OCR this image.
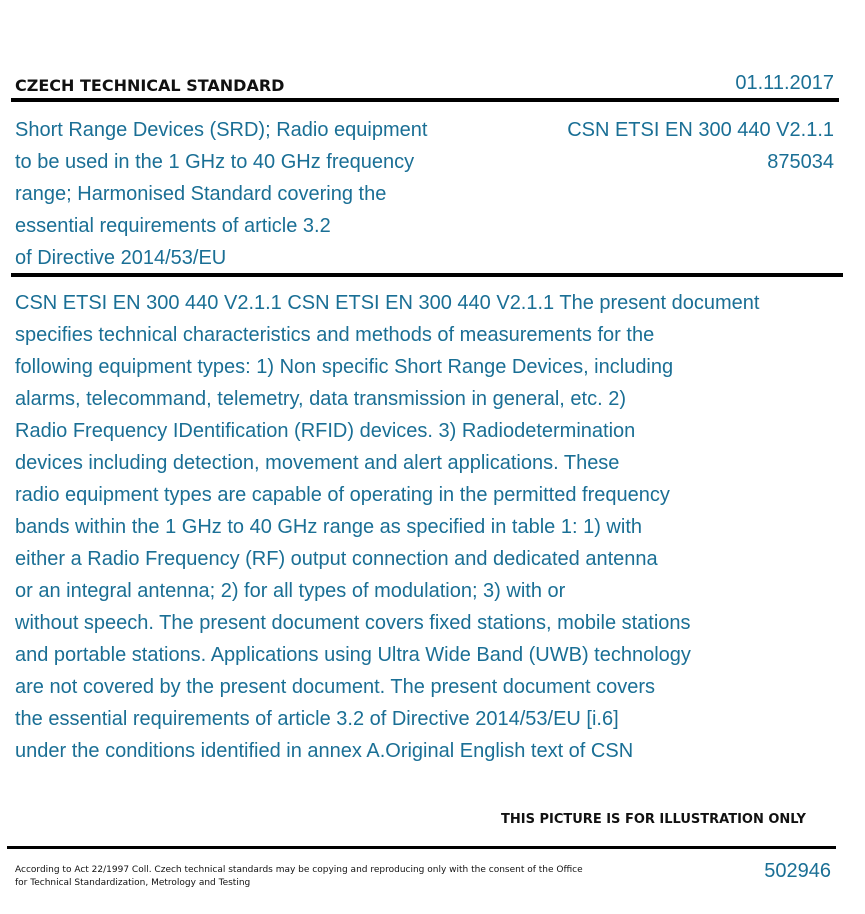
CZECH TECHNICAL STANDARD	01.11.2017
Short Range Devices (SRD); Radio equipment
to be used in the 1 GHz to 40 GHz frequency
range; Harmonised Standard covering the
essential requirements of article 3.2
of Directive 2014/53/EU
CSN ETSI EN 300 440 V2.1.1
875034

CSN ETSI EN 300 440 V2.1.1 CSN ETSI EN 300 440 V2.1.1 The present document
specifies technical characteristics and methods of measurements for the
following equipment types: 1) Non specific Short Range Devices, including
alarms, telecommand, telemetry, data transmission in general, etc. 2)
Radio Frequency IDentification (RFID) devices. 3) Radiodetermination
devices including detection, movement and alert applications. These
radio equipment types are capable of operating in the permitted frequency
bands within the 1 GHz to 40 GHz range as specified in table 1: 1) with
either a Radio Frequency (RF) output connection and dedicated antenna
or an integral antenna; 2) for all types of modulation; 3) with or
without speech. The present document covers fixed stations, mobile stations
and portable stations. Applications using Ultra Wide Band (UWB) technology
are not covered by the present document. The present document covers
the essential requirements of article 3.2 of Directive 2014/53/EU [i.6]
under the conditions identified in annex A.Original English text of CSN

THIS PICTURE IS FOR ILLUSTRATION ONLY

According to Act 22/1997 Coll. Czech technical standards may be copying and reproducing only with the consent of the Office
for Technical Standardization, Metrology and Testing

502946
